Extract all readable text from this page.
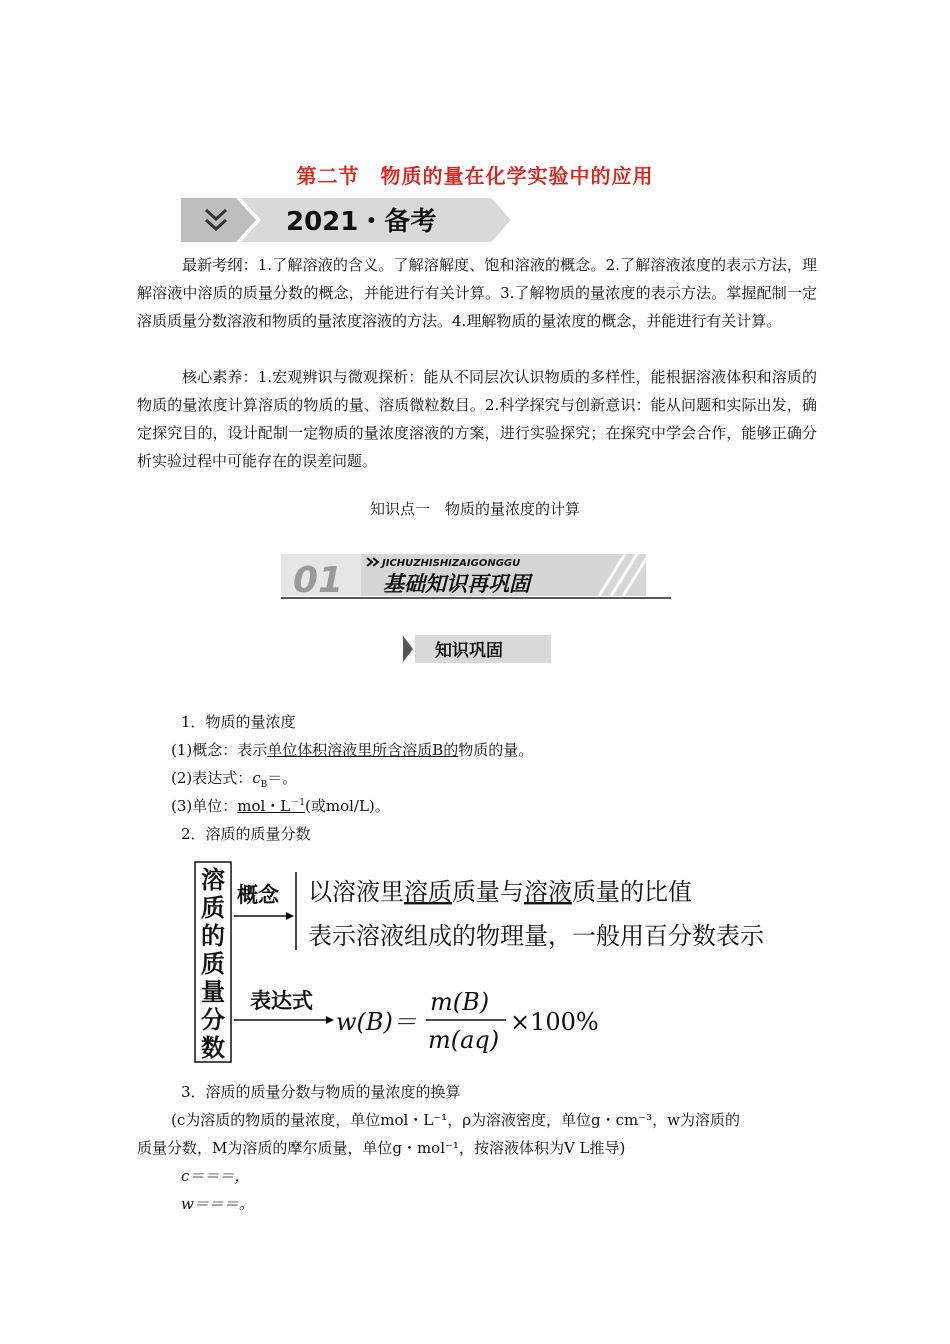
第二节　物质的量在化学实验中的应用
2021・备考
最新考纲：1.了解溶液的含义。了解溶解度、饱和溶液的概念。2.了解溶液浓度的表示方法，理解溶液中溶质的质量分数的概念，并能进行有关计算。3.了解物质的量浓度的表示方法。掌握配制一定溶质质量分数溶液和物质的量浓度溶液的方法。4.理解物质的量浓度的概念，并能进行有关计算。
核心素养：1.宏观辨识与微观探析：能从不同层次认识物质的多样性，能根据溶液体积和溶质的物质的量浓度计算溶质的物质的量、溶质微粒数目。2.科学探究与创新意识：能从问题和实际出发，确定探究目的，设计配制一定物质的量浓度溶液的方案，进行实验探究；在探究中学会合作，能够正确分析实验过程中可能存在的误差问题。
知识点一　物质的量浓度的计算
01	JICHUZHISHIZAIGONGGU
基础知识再巩固
知识巩固
1．物质的量浓度
(1)概念：表示单位体积溶液里所含溶质B的物质的量。
(2)表达式：$c_B=$。
(3)单位：mol・$L^{-1}$(或mol/L)。
2．溶质的质量分数
溶
质
的
质
量
分
数
概念 以溶液里溶质质量与溶液质量的比值
表示溶液组成的物理量，一般用百分数表示
表达式
w(B)＝
m(B)
m(aq)
×100%
3．溶质的质量分数与物质的量浓度的换算
(c为溶质的物质的量浓度，单位mol・L⁻¹，ρ为溶液密度，单位g・cm⁻³，w为溶质的
质量分数，M为溶质的摩尔质量，单位g・mol⁻¹，按溶液体积为V L推导)
c＝＝＝，
w＝＝＝。
